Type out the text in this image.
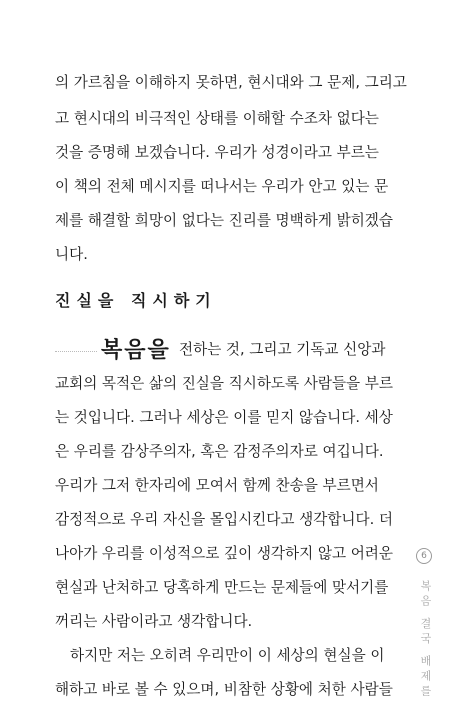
의 가르침을 이해하지 못하면, 현시대와 그 문제, 그리고
고 현시대의 비극적인 상태를 이해할 수조차 없다는
것을 증명해 보겠습니다. 우리가 성경이라고 부르는
이 책의 전체 메시지를 떠나서는 우리가 안고 있는 문
제를 해결할 희망이 없다는 진리를 명백하게 밝히겠습
니다.
진실을 직시하기
복음을 전하는 것, 그리고 기독교 신앙과
교회의 목적은 삶의 진실을 직시하도록 사람들을 부르
는 것입니다. 그러나 세상은 이를 믿지 않습니다. 세상
은 우리를 감상주의자, 혹은 감정주의자로 여깁니다.
우리가 그저 한자리에 모여서 함께 찬송을 부르면서
감정적으로 우리 자신을 몰입시킨다고 생각합니다. 더
나아가 우리를 이성적으로 깊이 생각하지 않고 어려운
현실과 난처하고 당혹하게 만드는 문제들에 맞서기를
꺼리는 사람이라고 생각합니다.
하지만 저는 오히려 우리만이 이 세상의 현실을 이
해하고 바로 볼 수 있으며, 비참한 상황에 처한 사람들
6
복음 결국 배제를
